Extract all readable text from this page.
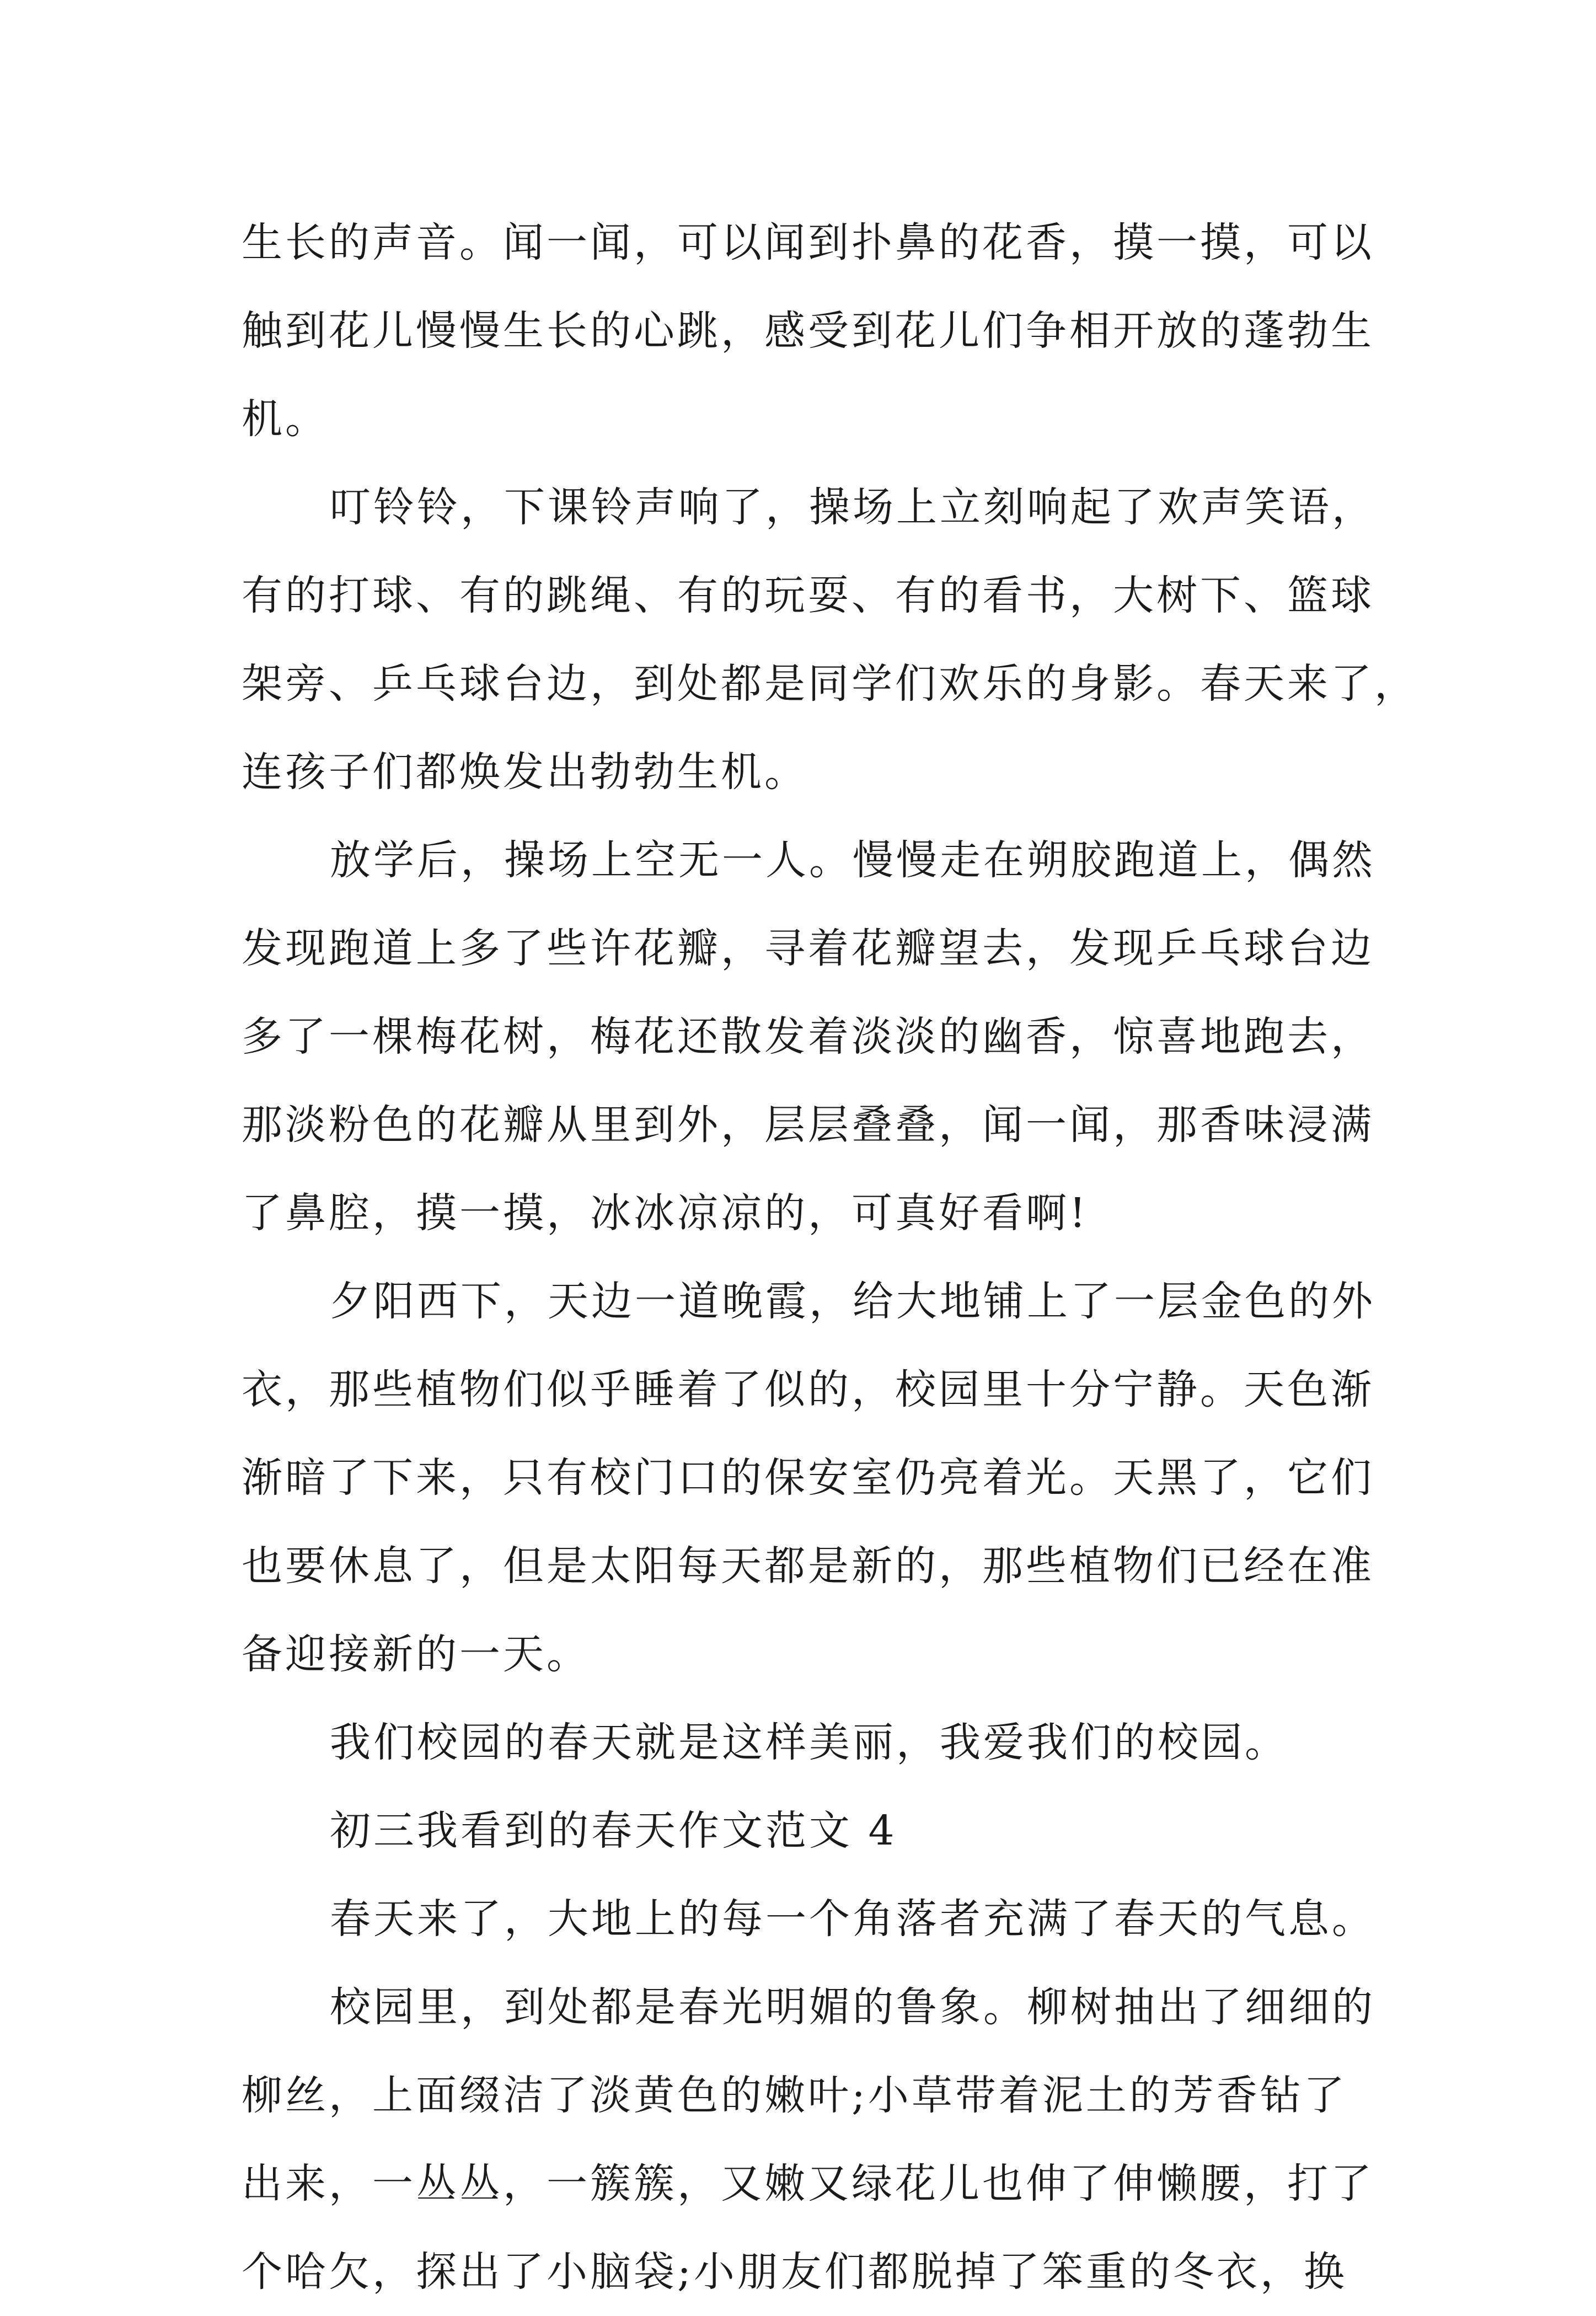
生长的声音。闻一闻，可以闻到扑鼻的花香，摸一摸，可以
触到花儿慢慢生长的心跳，感受到花儿们争相开放的蓬勃生
机。
叮铃铃，下课铃声响了，操场上立刻响起了欢声笑语，
有的打球、有的跳绳、有的玩耍、有的看书，大树下、篮球
架旁、乒乓球台边，到处都是同学们欢乐的身影。春天来了，
连孩子们都焕发出勃勃生机。
放学后，操场上空无一人。慢慢走在朔胶跑道上，偶然
发现跑道上多了些许花瓣，寻着花瓣望去，发现乒乓球台边
多了一棵梅花树，梅花还散发着淡淡的幽香，惊喜地跑去，
那淡粉色的花瓣从里到外，层层叠叠，闻一闻，那香味浸满
了鼻腔，摸一摸，冰冰凉凉的，可真好看啊!
夕阳西下，天边一道晚霞，给大地铺上了一层金色的外
衣，那些植物们似乎睡着了似的，校园里十分宁静。天色渐
渐暗了下来，只有校门口的保安室仍亮着光。天黑了，它们
也要休息了，但是太阳每天都是新的，那些植物们已经在准
备迎接新的一天。
我们校园的春天就是这样美丽，我爱我们的校园。
初三我看到的春天作文范文 4
春天来了，大地上的每一个角落者充满了春天的气息。
校园里，到处都是春光明媚的鲁象。柳树抽出了细细的
柳丝，上面缀洁了淡黄色的嫩叶;小草带着泥土的芳香钻了
出来，一丛丛，一簇簇，又嫩又绿花儿也伸了伸懒腰，打了
个哈欠，探出了小脑袋;小朋友们都脱掉了笨重的冬衣，换
